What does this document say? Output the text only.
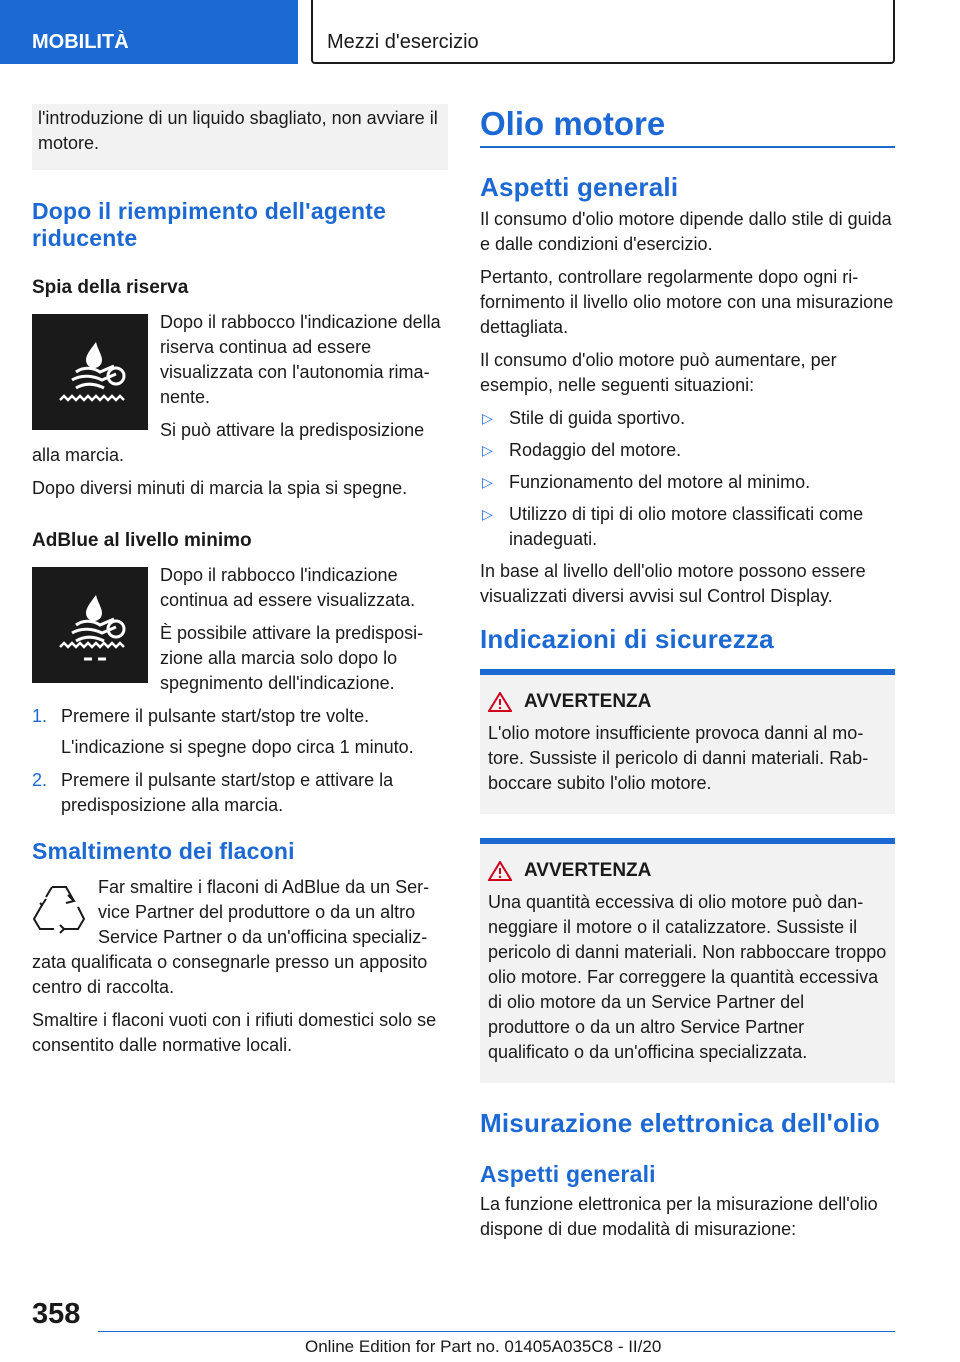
MOBILITÀ	Mezzi d'esercizio

l'introduzione di un liquido sbagliato, non avviare il motore.

Dopo il riempimento dell'agente riducente
Spia della riserva

Dopo il rabbocco l'indicazione della riserva continua ad essere visualizzata con l'autonomia rimanente.

Si può attivare la predisposizione alla marcia.

Dopo diversi minuti di marcia la spia si spegne.

AdBlue al livello minimo

Dopo il rabbocco l'indicazione continua ad essere visualizzata.

È possibile attivare la predisposizione alla marcia solo dopo lo spegnimento dell'indicazione.

1. Premere il pulsante start/stop tre volte.
L'indicazione si spegne dopo circa 1 minuto.
2. Premere il pulsante start/stop e attivare la predisposizione alla marcia.
Smaltimento dei flaconi

Far smaltire i flaconi di AdBlue da un Service Partner del produttore o da un altro Service Partner o da un'officina specializzata qualificata o consegnarle presso un apposito centro di raccolta.

Smaltire i flaconi vuoti con i rifiuti domestici solo se consentito dalle normative locali.

Olio motore
Aspetti generali

Il consumo d'olio motore dipende dallo stile di guida e dalle condizioni d'esercizio.

Pertanto, controllare regolarmente dopo ogni rifornimento il livello olio motore con una misurazione dettagliata.

Il consumo d'olio motore può aumentare, per esempio, nelle seguenti situazioni:

▷ Stile di guida sportivo.
▷ Rodaggio del motore.
▷ Funzionamento del motore al minimo.
▷ Utilizzo di tipi di olio motore classificati come inadeguati.

In base al livello dell'olio motore possono essere visualizzati diversi avvisi sul Control Display.

Indicazioni di sicurezza
AVVERTENZA

L'olio motore insufficiente provoca danni al motore. Sussiste il pericolo di danni materiali. Rabboccare subito l'olio motore.

AVVERTENZA

Una quantità eccessiva di olio motore può danneggiare il motore o il catalizzatore. Sussiste il pericolo di danni materiali. Non rabboccare troppo olio motore. Far correggere la quantità eccessiva di olio motore da un Service Partner del produttore o da un altro Service Partner qualificato o da un'officina specializzata.

Misurazione elettronica dell'olio
Aspetti generali

La funzione elettronica per la misurazione dell'olio dispone di due modalità di misurazione:

358
Online Edition for Part no. 01405A035C8 - II/20
